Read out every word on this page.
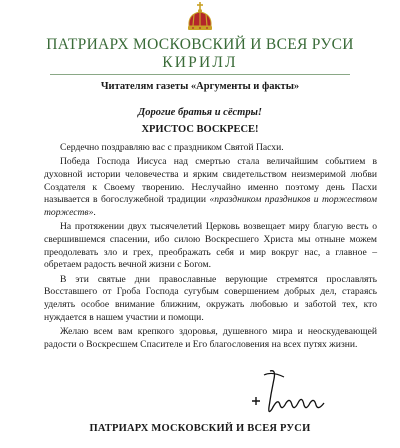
ПАТРИАРХ МОСКОВСКИЙ И ВСЕЯ РУСИ
КИРИЛЛ
Читателям газеты «Аргументы и факты»
Дорогие братья и сёстры!
ХРИСТОС ВОСКРЕСЕ!

Сердечно поздравляю вас с праздником Святой Пасхи.

Победа Господа Иисуса над смертью стала величайшим событием в духовной истории человечества и ярким свидетельством неизмеримой любви Создателя к Своему творению. Неслучайно именно поэтому день Пасхи называется в богослужебной традиции «праздником праздников и торжеством торжеств».

На протяжении двух тысячелетий Церковь возвещает миру благую весть о свершившемся спасении, ибо силою Воскресшего Христа мы отныне можем преодолевать зло и грех, преображать себя и мир вокруг нас, а главное – обретаем радость вечной жизни с Богом.

В эти святые дни православные верующие стремятся прославлять Восставшего от Гроба Господа сугубым совершением добрых дел, стараясь уделять особое внимание ближним, окружать любовью и заботой тех, кто нуждается в нашем участии и помощи.

Желаю всем вам крепкого здоровья, душевного мира и неоскудевающей радости о Воскресшем Спасителе и Его благословения на всех путях жизни.

ПАТРИАРХ МОСКОВСКИЙ И ВСЕЯ РУСИ
